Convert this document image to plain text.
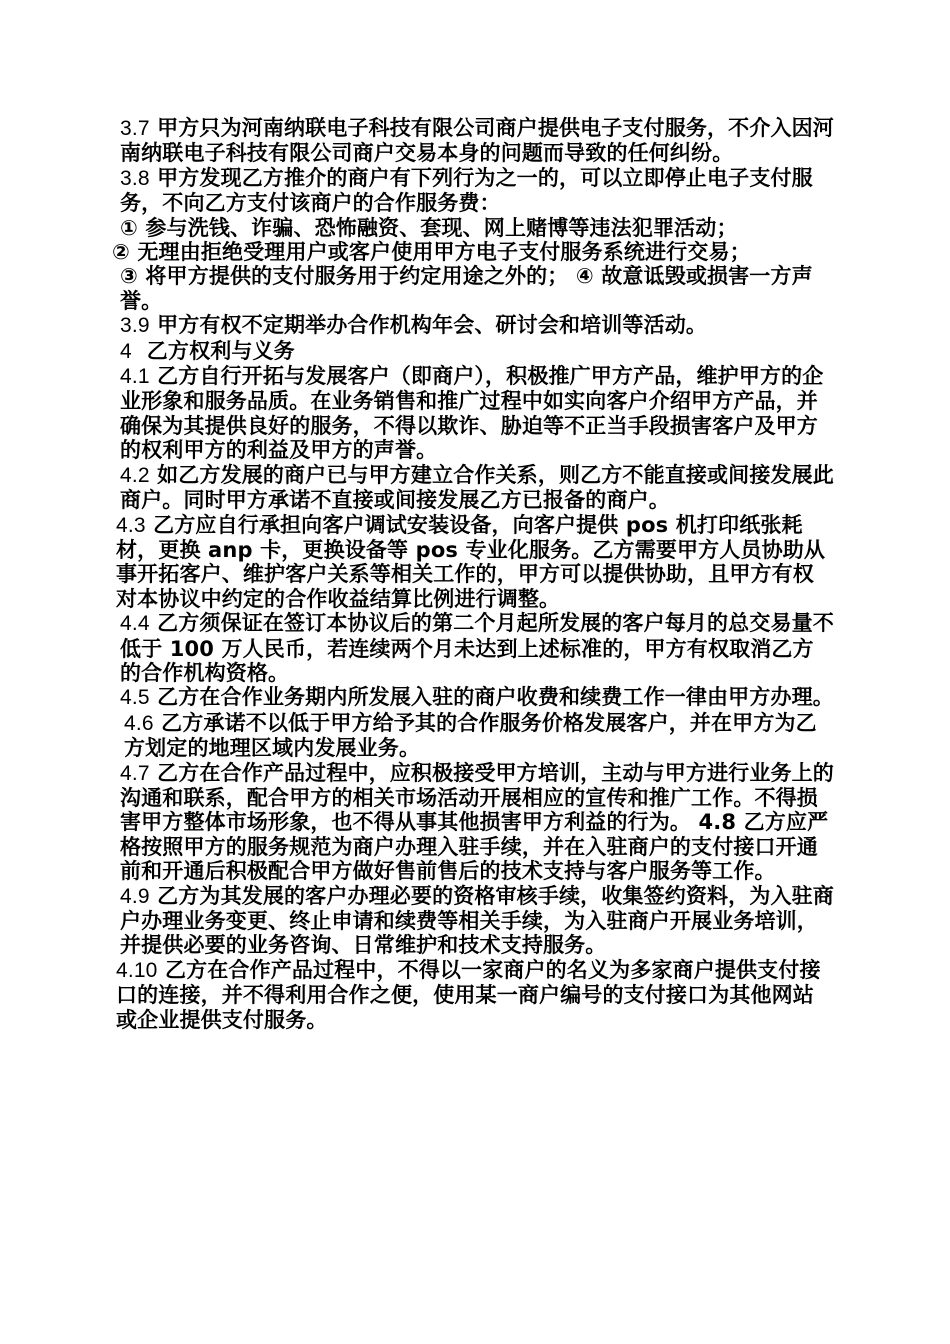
3.7 甲方只为河南纳联电子科技有限公司商户提供电子支付服务，不介入因河南纳联电子科技有限公司商户交易本身的问题而导致的任何纠纷。

3.8 甲方发现乙方推介的商户有下列行为之一的，可以立即停止电子支付服务，不向乙方支付该商户的合作服务费：

① 参与洗钱、诈骗、恐怖融资、套现、网上赌博等违法犯罪活动；

② 无理由拒绝受理用户或客户使用甲方电子支付服务系统进行交易；

③ 将甲方提供的支付服务用于约定用途之外的； ④ 故意诋毁或损害一方声誉。

3.9 甲方有权不定期举办合作机构年会、研讨会和培训等活动。

4 乙方权利与义务

4.1 乙方自行开拓与发展客户（即商户），积极推广甲方产品，维护甲方的企业形象和服务品质。在业务销售和推广过程中如实向客户介绍甲方产品，并确保为其提供良好的服务，不得以欺诈、胁迫等不正当手段损害客户及甲方的权利甲方的利益及甲方的声誉。

4.2 如乙方发展的商户已与甲方建立合作关系，则乙方不能直接或间接发展此商户。同时甲方承诺不直接或间接发展乙方已报备的商户。

4.3 乙方应自行承担向客户调试安装设备，向客户提供 pos 机打印纸张耗材，更换 anp 卡，更换设备等 pos 专业化服务。乙方需要甲方人员协助从事开拓客户、维护客户关系等相关工作的，甲方可以提供协助，且甲方有权对本协议中约定的合作收益结算比例进行调整。

4.4 乙方须保证在签订本协议后的第二个月起所发展的客户每月的总交易量不低于 100 万人民币，若连续两个月未达到上述标准的，甲方有权取消乙方的合作机构资格。

4.5 乙方在合作业务期内所发展入驻的商户收费和续费工作一律由甲方办理。

4.6 乙方承诺不以低于甲方给予其的合作服务价格发展客户，并在甲方为乙方划定的地理区域内发展业务。

4.7 乙方在合作产品过程中，应积极接受甲方培训，主动与甲方进行业务上的沟通和联系，配合甲方的相关市场活动开展相应的宣传和推广工作。不得损害甲方整体市场形象，也不得从事其他损害甲方利益的行为。 4.8 乙方应严格按照甲方的服务规范为商户办理入驻手续，并在入驻商户的支付接口开通前和开通后积极配合甲方做好售前售后的技术支持与客户服务等工作。

4.9 乙方为其发展的客户办理必要的资格审核手续，收集签约资料，为入驻商户办理业务变更、终止申请和续费等相关手续，为入驻商户开展业务培训，并提供必要的业务咨询、日常维护和技术支持服务。

4.10 乙方在合作产品过程中，不得以一家商户的名义为多家商户提供支付接口的连接，并不得利用合作之便，使用某一商户编号的支付接口为其他网站或企业提供支付服务。
